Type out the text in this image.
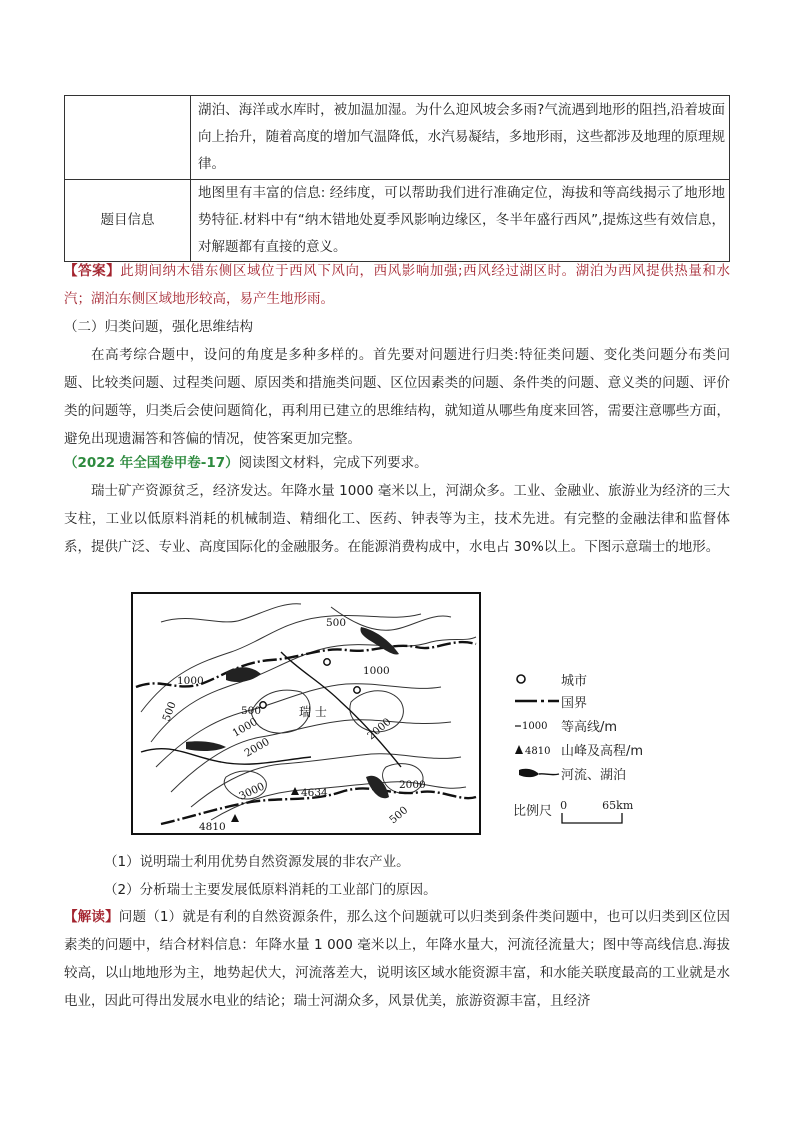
	湖泊、海洋或水库时，被加温加湿。为什么迎风坡会多雨?气流遇到地形的阻挡,沿着坡面向上抬升，随着高度的增加气温降低，水汽易凝结，多地形雨，这些都涉及地理的原理规律。
题目信息	地图里有丰富的信息: 经纬度，可以帮助我们进行准确定位，海拔和等高线揭示了地形地势特征.材料中有“纳木错地处夏季风影响边缘区，冬半年盛行西风”,提炼这些有效信息，对解题都有直接的意义。
【答案】此期间纳木错东侧区域位于西风下风向，西风影响加强;西风经过湖区时。湖泊为西风提供热量和水汽；湖泊东侧区域地形较高，易产生地形雨。
（二）归类问题，强化思维结构
在高考综合题中，设问的角度是多种多样的。首先要对问题进行归类:特征类问题、变化类问题分布类问题、比较类问题、过程类问题、原因类和措施类问题、区位因素类的问题、条件类的问题、意义类的问题、评价类的问题等，归类后会使问题简化，再利用已建立的思维结构，就知道从哪些角度来回答，需要注意哪些方面，避免出现遗漏答和答偏的情况，使答案更加完整。
（2022 年全国卷甲卷-17）阅读图文材料，完成下列要求。
瑞士矿产资源贫乏，经济发达。年降水量 1000 毫米以上，河湖众多。工业、金融业、旅游业为经济的三大支柱，工业以低原料消耗的机械制造、精细化工、医药、钟表等为主，技术先进。有完整的金融法律和监督体系，提供广泛、专业、高度国际化的金融服务。在能源消费构成中，水电占 30%以上。下图示意瑞士的地形。
500
1000
500
500
1000
2000
1000	2000
2000
3000
500
瑞 士
4810
4634
城市
国界
1000 等高线/m
4810 山峰及高程/m
河流、湖泊
比例尺 0	65km
（1）说明瑞士利用优势自然资源发展的非农产业。
（2）分析瑞士主要发展低原料消耗的工业部门的原因。
【解读】问题（1）就是有利的自然资源条件，那么这个问题就可以归类到条件类问题中，也可以归类到区位因素类的问题中，结合材料信息：年降水量 1 000 毫米以上，年降水量大，河流径流量大；图中等高线信息.海拔较高，以山地地形为主，地势起伏大，河流落差大，说明该区域水能资源丰富，和水能关联度最高的工业就是水电业，因此可得出发展水电业的结论；瑞士河湖众多，风景优美，旅游资源丰富，且经济
